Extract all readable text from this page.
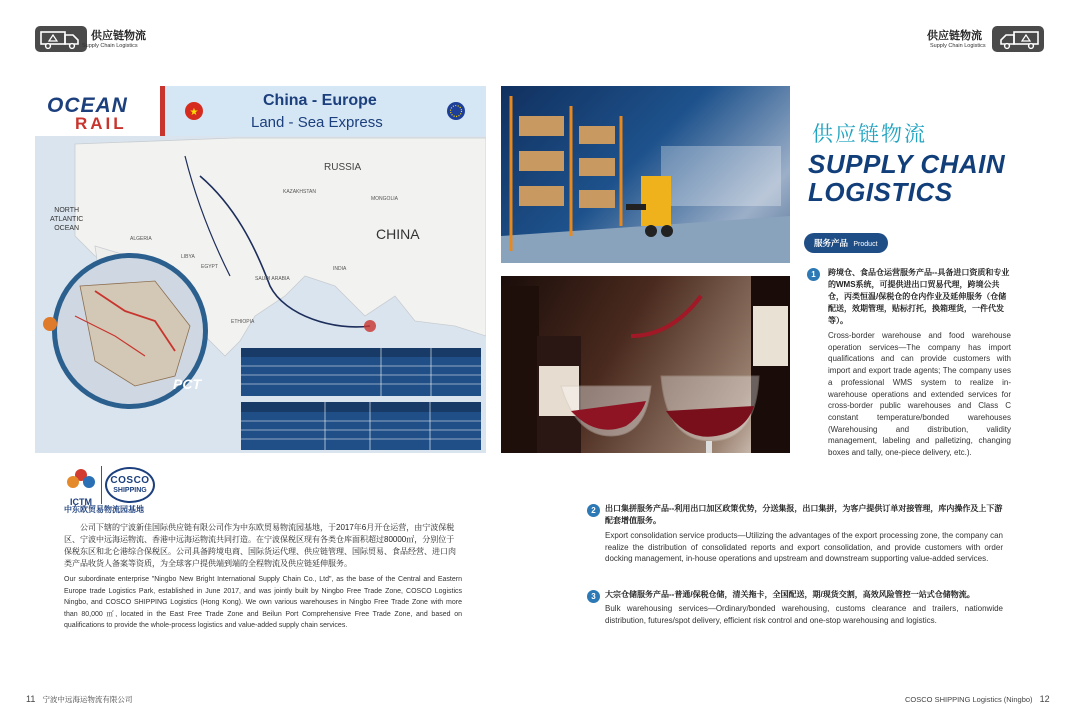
供应链物流
Supply Chain Logistics
供应链物流
Supply Chain Logistics
★
OCEAN
RAIL
China - Europe
Land - Sea Express
RUSSIA
CHINA
NORTH
ATLANTIC
OCEAN
KAZAKHSTAN
MONGOLIA
ALGERIA
LIBYA
EGYPT
SAUDI ARABIA
ETHIOPIA
INDIA
PCT
供应链物流
SUPPLY CHAIN
LOGISTICS
服务产品 Product
1	跨境仓、食品仓运营服务产品--具备进口资质和专业的WMS系统，可提供进出口贸易代理，跨境公共仓，丙类恒温/保税仓的仓内作业及延伸服务（仓储配送，效期管理，贴标打托，换箱理货，一件代发等）。
Cross-border warehouse and food warehouse operation services—The company has import qualifications and can provide customers with import and export trade agents; The company uses a professional WMS system to realize in-warehouse operations and extended services for cross-border public warehouses and Class C constant temperature/bonded warehouses (Warehousing and distribution, validity management, labeling and palletizing, changing boxes and tally, one-piece delivery, etc.).
2	出口集拼服务产品--利用出口加区政策优势，分送集报，出口集拼，为客户提供订单对接管理，库内操作及上下游配套增值服务。
Export consolidation service products—Utilizing the advantages of the export processing zone, the company can realize the distribution of consolidated reports and export consolidation, and provide customers with order docking management, in-house operations and upstream and downstream supporting value-added services.
3	大宗仓储服务产品--普通/保税仓储，清关拖卡，全国配送，期/现货交割，高效风险管控一站式仓储物流。
Bulk warehousing services—Ordinary/bonded warehousing, customs clearance and trailers, nationwide distribution, futures/spot delivery, efficient risk control and one-stop warehousing and logistics.
ICTM
COSCO
SHIPPING
中东欧贸易物流园基地
公司下辖的宁波新佳国际供应链有限公司作为中东欧贸易物流园基地，于2017年6月开仓运营，由宁波保税区、宁波中远海运物流、香港中远海运物流共同打造。在宁波保税区现有各类仓库面积超过80000㎡，分别位于保税东区和北仑港综合保税区。公司具备跨境电商、国际货运代理、供应链管理、国际贸易、食品经营、进口肉类产品收货人备案等资质，为全球客户提供端到端的全程物流及供应链延伸服务。
Our subordinate enterprise "Ningbo New Bright International Supply Chain Co., Ltd", as the base of the Central and Eastern Europe trade Logistics Park, established in June 2017, and was jointly built by Ningbo Free Trade Zone, COSCO Logistics Ningbo, and COSCO SHIPPING Logistics (Hong Kong). We own various warehouses in Ningbo Free Trade Zone with more than 80,000 ㎡, located in the East Free Trade Zone and Beilun Port Comprehensive Free Trade Zone, and based on qualifications to provide the whole-process logistics and value-added supply chain services.
11 宁波中远海运物流有限公司	COSCO SHIPPING Logistics (Ningbo) 12
